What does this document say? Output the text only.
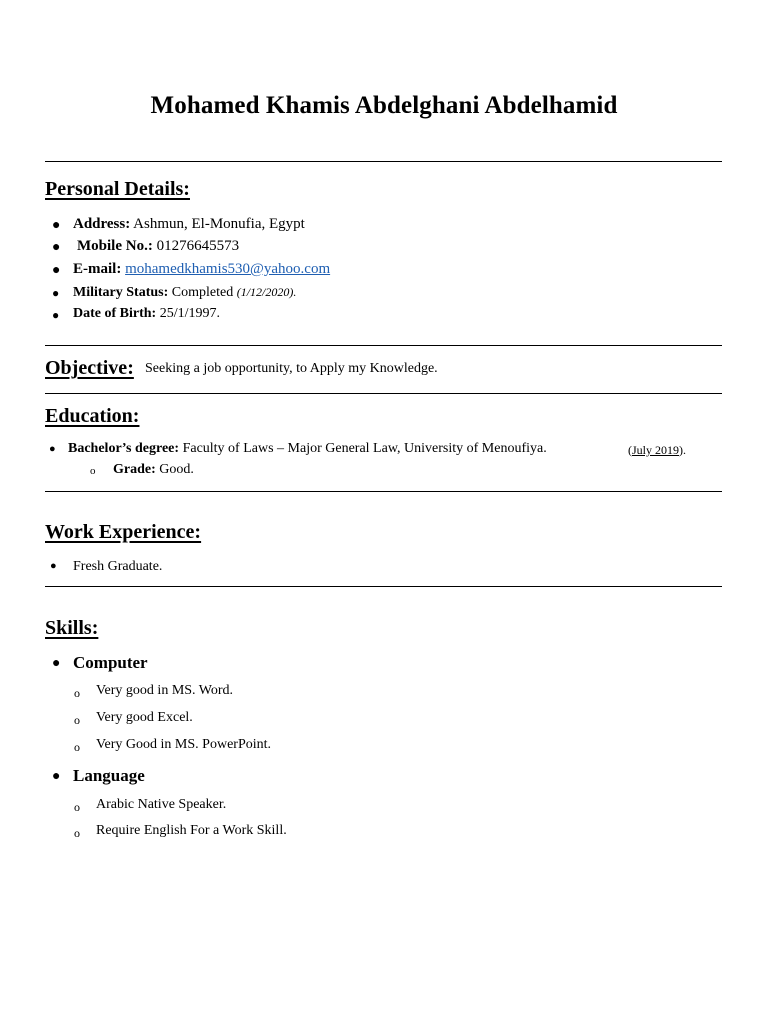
Mohamed Khamis Abdelghani Abdelhamid
Personal Details:
● Address: Ashmun, El-Monufia, Egypt
● Mobile No.: 01276645573
● E-mail: mohamedkhamis530@yahoo.com
● Military Status: Completed (1/12/2020).
● Date of Birth: 25/1/1997.
Objective: Seeking a job opportunity, to Apply my Knowledge.
Education:
● Bachelor’s degree: Faculty of Laws – Major General Law, University of Menoufiya.	(July 2019).
o Grade: Good.
Work Experience:
● Fresh Graduate.
Skills:
● Computer
o Very good in MS. Word.
o Very good Excel.
o Very Good in MS. PowerPoint.
● Language
o Arabic Native Speaker.
o Require English For a Work Skill.
